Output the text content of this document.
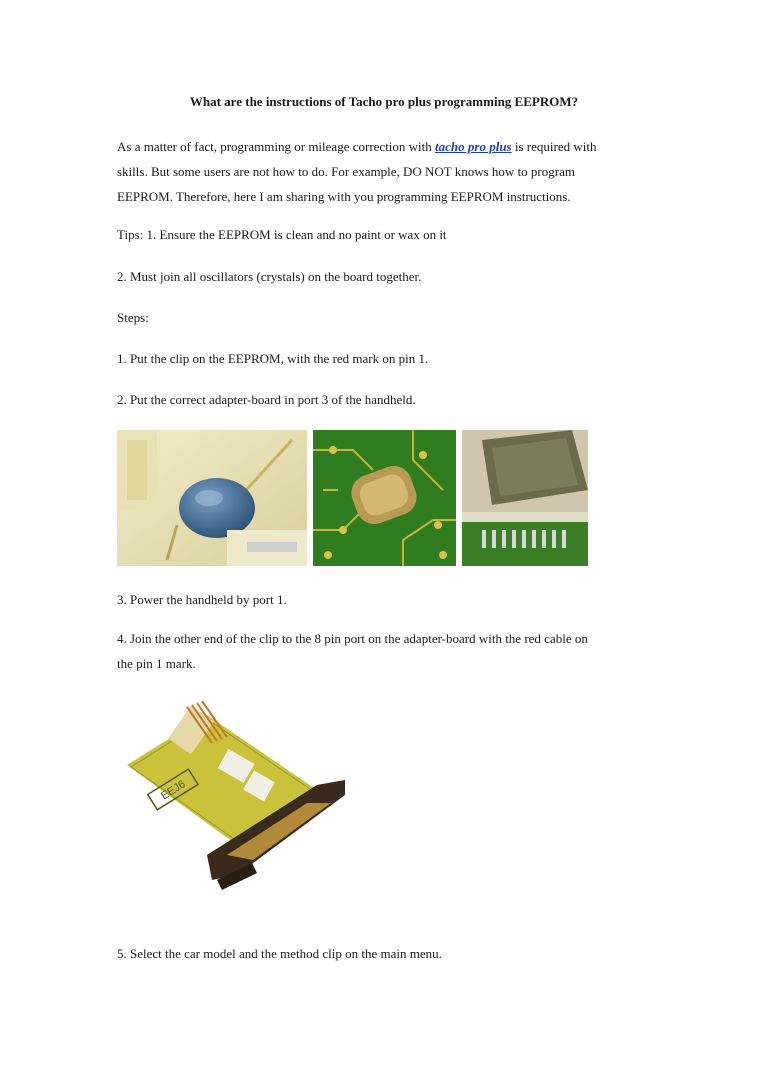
What are the instructions of Tacho pro plus programming EEPROM?

As a matter of fact, programming or mileage correction with tacho pro plus is required with
skills. But some users are not how to do. For example, DO NOT knows how to program
EEPROM. Therefore, here I am sharing with you programming EEPROM instructions.

Tips: 1. Ensure the EEPROM is clean and no paint or wax on it

2. Must join all oscillators (crystals) on the board together.

Steps:

1. Put the clip on the EEPROM, with the red mark on pin 1.

2. Put the correct adapter-board in port 3 of the handheld.

3. Power the handheld by port 1.

4. Join the other end of the clip to the 8 pin port on the adapter-board with the red cable on
the pin 1 mark.

EEJ6

5. Select the car model and the method clip on the main menu.
